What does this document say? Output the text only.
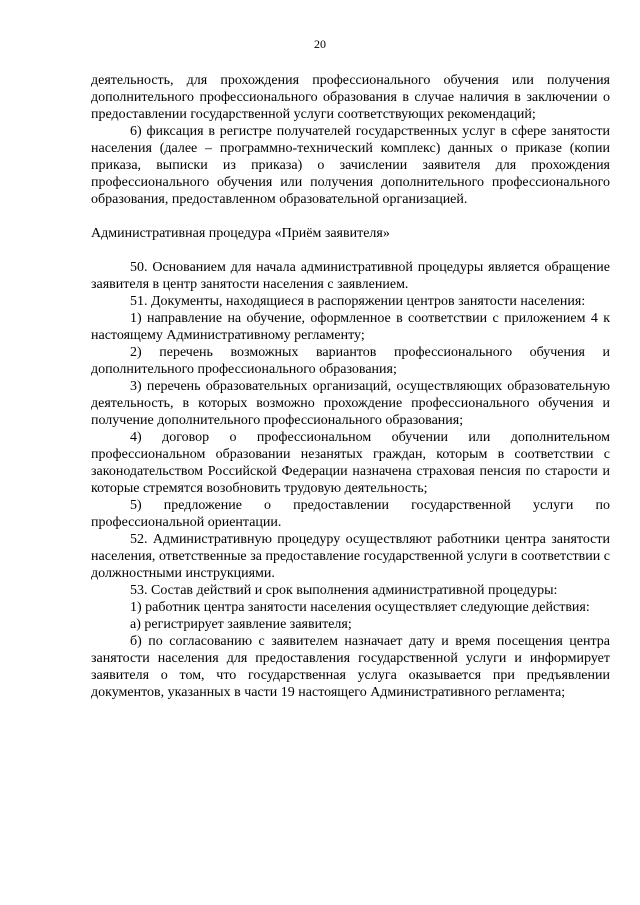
20

деятельность, для прохождения профессионального обучения или получения дополнительного профессионального образования в случае наличия в заключении о предоставлении государственной услуги соответствующих рекомендаций;

6) фиксация в регистре получателей государственных услуг в сфере занятости населения (далее – программно-технический комплекс) данных о приказе (копии приказа, выписки из приказа) о зачислении заявителя для прохождения профессионального обучения или получения дополнительного профессионального образования, предоставленном образовательной организацией.

Административная процедура «Приём заявителя»

50. Основанием для начала административной процедуры является обращение заявителя в центр занятости населения с заявлением.

51. Документы, находящиеся в распоряжении центров занятости населения:

1) направление на обучение, оформленное в соответствии с приложением 4 к настоящему Административному регламенту;

2) перечень возможных вариантов профессионального обучения и дополнительного профессионального образования;

3) перечень образовательных организаций, осуществляющих образовательную деятельность, в которых возможно прохождение профессионального обучения и получение дополнительного профессионального образования;

4) договор о профессиональном обучении или дополнительном профессиональном образовании незанятых граждан, которым в соответствии с законодательством Российской Федерации назначена страховая пенсия по старости и которые стремятся возобновить трудовую деятельность;

5) предложение о предоставлении государственной услуги по профессиональной ориентации.

52. Административную процедуру осуществляют работники центра занятости населения, ответственные за предоставление государственной услуги в соответствии с должностными инструкциями.

53. Состав действий и срок выполнения административной процедуры:

1) работник центра занятости населения осуществляет следующие действия:

а) регистрирует заявление заявителя;

б) по согласованию с заявителем назначает дату и время посещения центра занятости населения для предоставления государственной услуги и информирует заявителя о том, что государственная услуга оказывается при предъявлении документов, указанных в части 19 настоящего Административного регламента;
